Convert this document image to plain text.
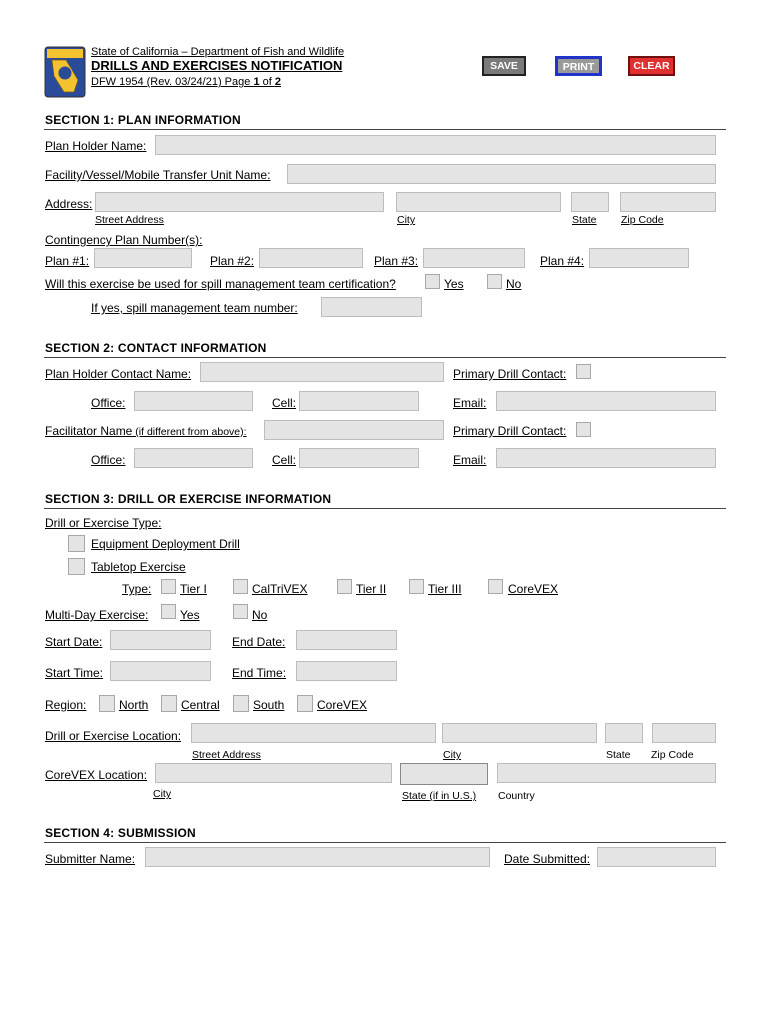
State of California – Department of Fish and Wildlife
DRILLS AND EXERCISES NOTIFICATION
DFW 1954 (Rev. 03/24/21) Page 1 of 2
SAVE	PRINT	CLEAR
SECTION 1: PLAN INFORMATION
Plan Holder Name:
Facility/Vessel/Mobile Transfer Unit Name:
Address:
Street Address	City	State Zip Code
Contingency Plan Number(s):
Plan #1:	Plan #2:	Plan #3:	Plan #4:
Will this exercise be used for spill management team certification?	Yes	No
If yes, spill management team number:
SECTION 2: CONTACT INFORMATION
Plan Holder Contact Name:	Primary Drill Contact:
Office:	Cell:	Email:
Facilitator Name (if different from above):	Primary Drill Contact:
Office:	Cell:	Email:
SECTION 3: DRILL OR EXERCISE INFORMATION
Drill or Exercise Type:
Equipment Deployment Drill
Tabletop Exercise
Type: Tier I	CalTriVEX	Tier II	Tier III	CoreVEX
Multi-Day Exercise:	Yes	No
Start Date:	End Date:
Start Time:	End Time:
Region:	North	Central	South	CoreVEX
Drill or Exercise Location:
Street Address	City	State Zip Code
CoreVEX Location:
City	State (if in U.S.) Country
SECTION 4: SUBMISSION
Submitter Name:	Date Submitted:
